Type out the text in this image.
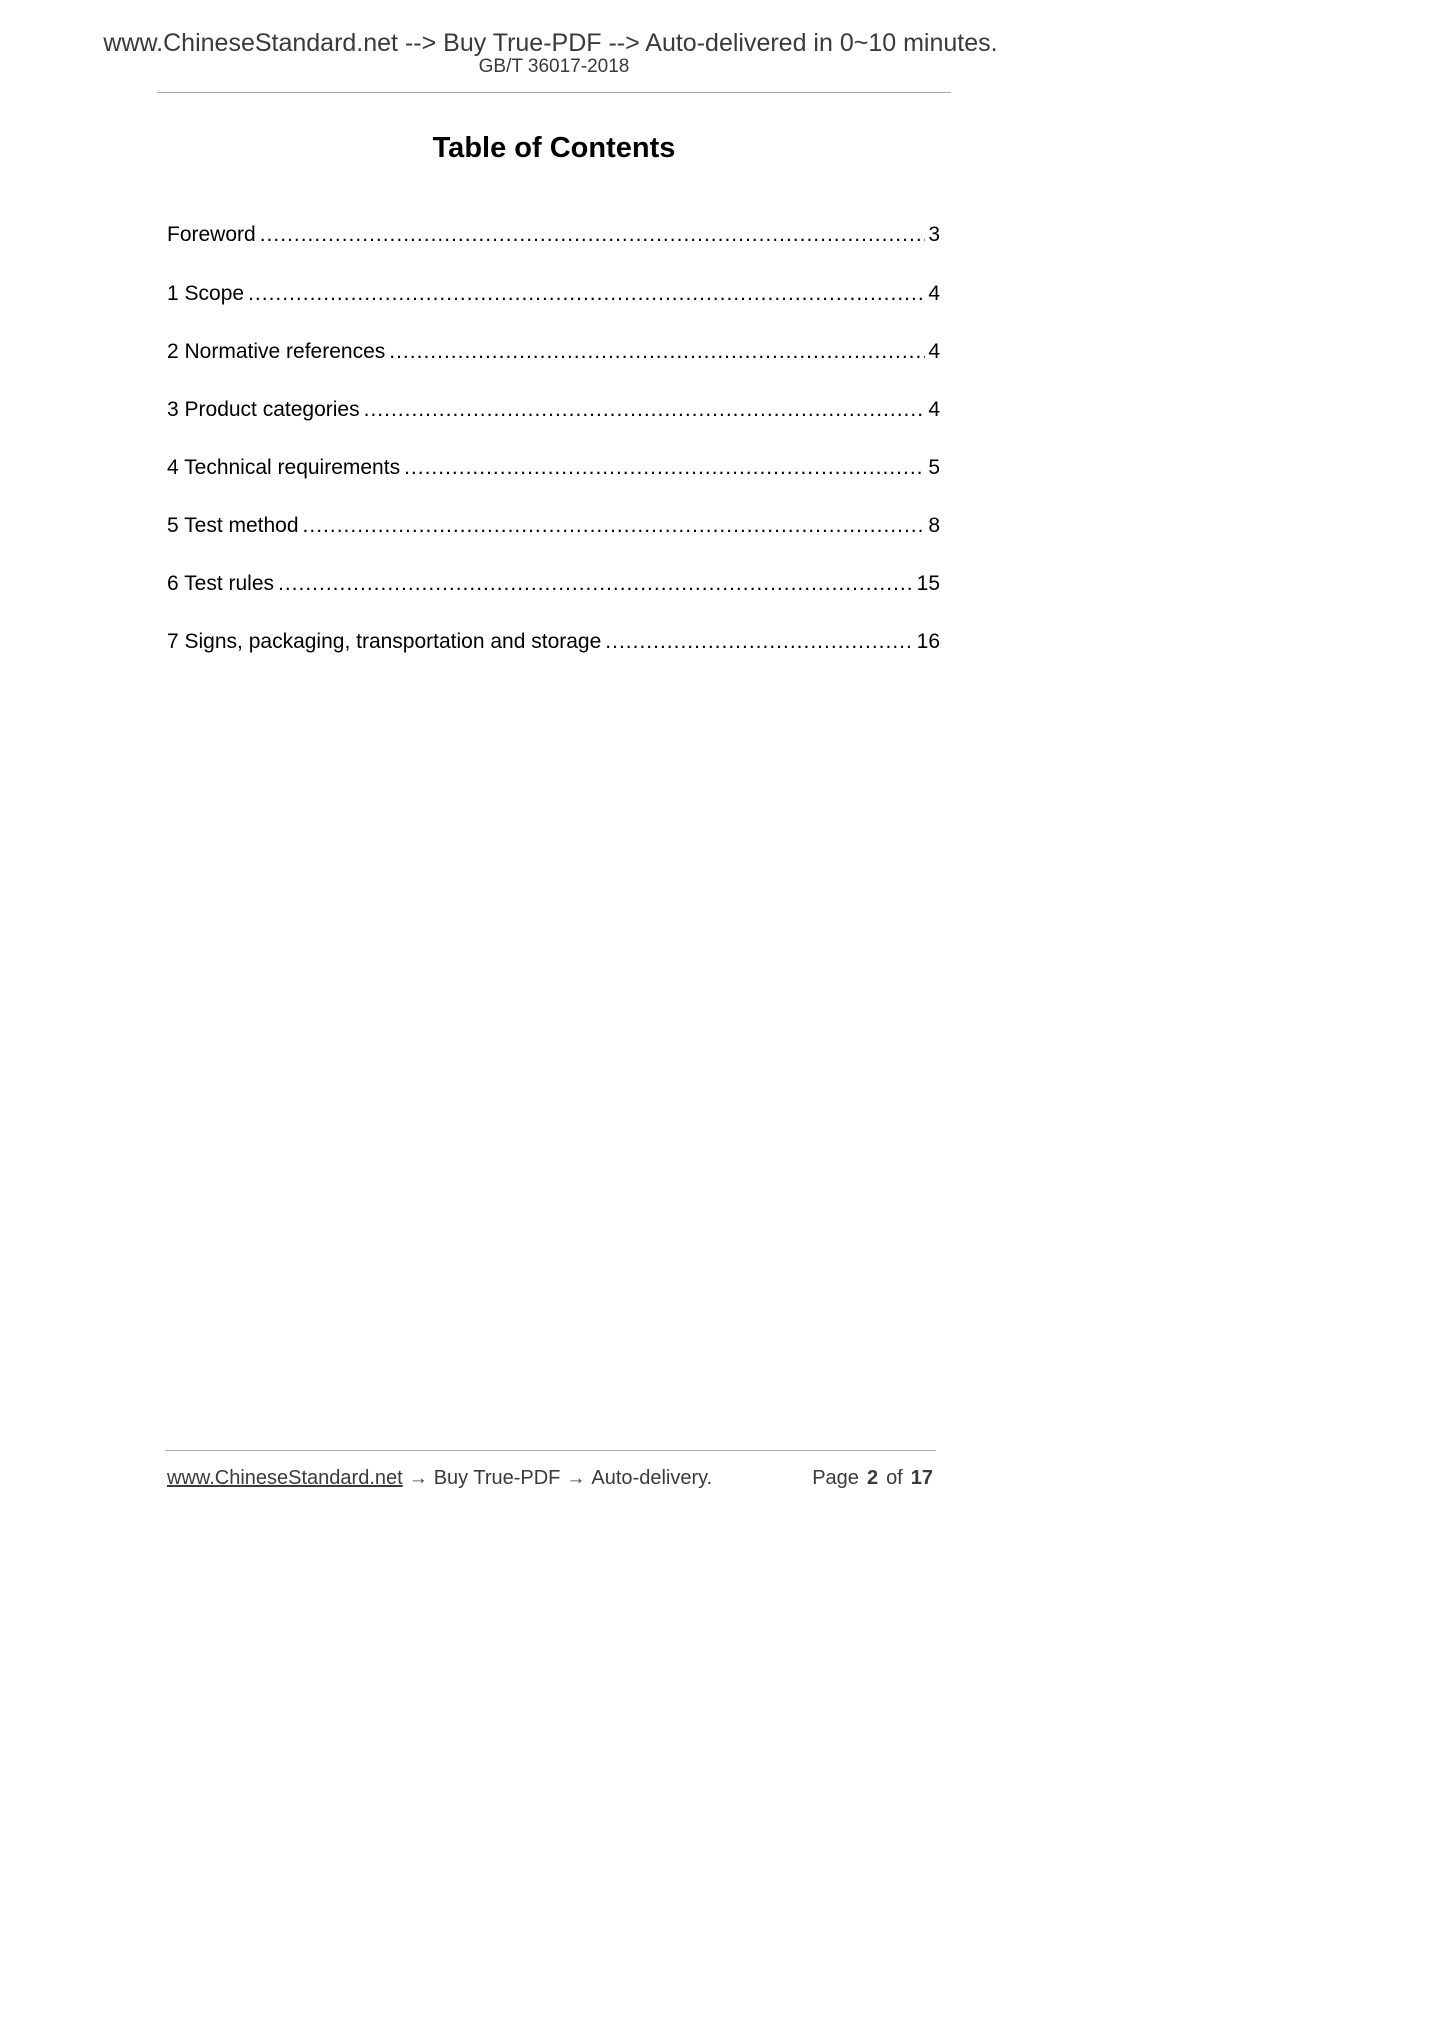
www.ChineseStandard.net --> Buy True-PDF --> Auto-delivered in 0~10 minutes.
GB/T 36017-2018
Table of Contents
Foreword .....	3
1 Scope .....	4
2 Normative references .....	4
3 Product categories .....	4
4 Technical requirements .....	5
5 Test method .....	8
6 Test rules .....	15
7 Signs, packaging, transportation and storage .....	16
www.ChineseStandard.net → Buy True-PDF → Auto-delivery.	Page 2 of 17
